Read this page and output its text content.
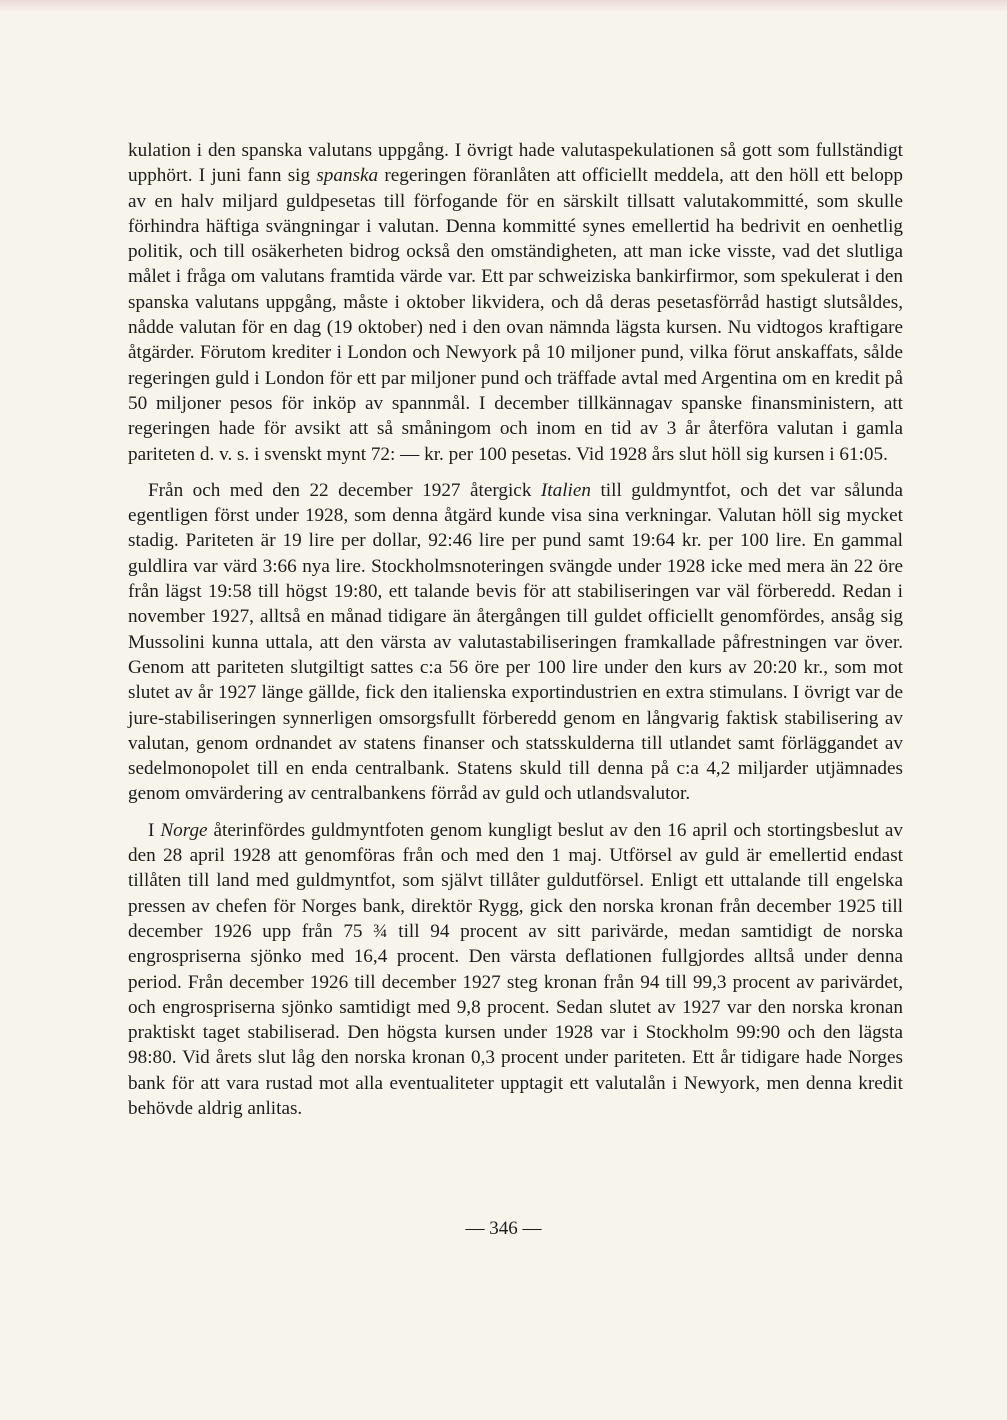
kulation i den spanska valutans uppgång. I övrigt hade valutaspekulationen så gott som fullständigt upphört. I juni fann sig spanska regeringen föranlåten att officiellt meddela, att den höll ett belopp av en halv miljard guldpesetas till förfogande för en särskilt tillsatt valutakommitté, som skulle förhindra häftiga svängningar i valutan. Denna kommitté synes emellertid ha bedrivit en oenhetlig politik, och till osäkerheten bidrog också den omständigheten, att man icke visste, vad det slutliga målet i fråga om valutans framtida värde var. Ett par schweiziska bankirfirmor, som spekulerat i den spanska valutans uppgång, måste i oktober likvidera, och då deras pesetasförråd hastigt slutsåldes, nådde valutan för en dag (19 oktober) ned i den ovan nämnda lägsta kursen. Nu vidtogos kraftigare åtgärder. Förutom krediter i London och Newyork på 10 miljoner pund, vilka förut anskaffats, sålde regeringen guld i London för ett par miljoner pund och träffade avtal med Argentina om en kredit på 50 miljoner pesos för inköp av spannmål. I december tillkännagav spanske finansministern, att regeringen hade för avsikt att så småningom och inom en tid av 3 år återföra valutan i gamla pariteten d. v. s. i svenskt mynt 72: — kr. per 100 pesetas. Vid 1928 års slut höll sig kursen i 61:05.

Från och med den 22 december 1927 återgick Italien till guldmyntfot, och det var sålunda egentligen först under 1928, som denna åtgärd kunde visa sina verkningar. Valutan höll sig mycket stadig. Pariteten är 19 lire per dollar, 92:46 lire per pund samt 19:64 kr. per 100 lire. En gammal guldlira var värd 3:66 nya lire. Stockholmsnoteringen svängde under 1928 icke med mera än 22 öre från lägst 19:58 till högst 19:80, ett talande bevis för att stabiliseringen var väl förberedd. Redan i november 1927, alltså en månad tidigare än återgången till guldet officiellt genomfördes, ansåg sig Mussolini kunna uttala, att den värsta av valutastabiliseringen framkallade påfrestningen var över. Genom att pariteten slutgiltigt sattes c:a 56 öre per 100 lire under den kurs av 20:20 kr., som mot slutet av år 1927 länge gällde, fick den italienska exportindustrien en extra stimulans. I övrigt var de jure-stabiliseringen synnerligen omsorgsfullt förberedd genom en långvarig faktisk stabilisering av valutan, genom ordnandet av statens finanser och statsskulderna till utlandet samt förläggandet av sedelmonopolet till en enda centralbank. Statens skuld till denna på c:a 4,2 miljarder utjämnades genom omvärdering av centralbankens förråd av guld och utlandsvalutor.

I Norge återinfördes guldmyntfoten genom kungligt beslut av den 16 april och stortingsbeslut av den 28 april 1928 att genomföras från och med den 1 maj. Utförsel av guld är emellertid endast tillåten till land med guldmyntfot, som självt tillåter guldutförsel. Enligt ett uttalande till engelska pressen av chefen för Norges bank, direktör Rygg, gick den norska kronan från december 1925 till december 1926 upp från 75 ¾ till 94 procent av sitt parivärde, medan samtidigt de norska engrospriserna sjönko med 16,4 procent. Den värsta deflationen fullgjordes alltså under denna period. Från december 1926 till december 1927 steg kronan från 94 till 99,3 procent av parivärdet, och engrospriserna sjönko samtidigt med 9,8 procent. Sedan slutet av 1927 var den norska kronan praktiskt taget stabiliserad. Den högsta kursen under 1928 var i Stockholm 99:90 och den lägsta 98:80. Vid årets slut låg den norska kronan 0,3 procent under pariteten. Ett år tidigare hade Norges bank för att vara rustad mot alla eventualiteter upptagit ett valutalån i Newyork, men denna kredit behövde aldrig anlitas.

— 346 —
